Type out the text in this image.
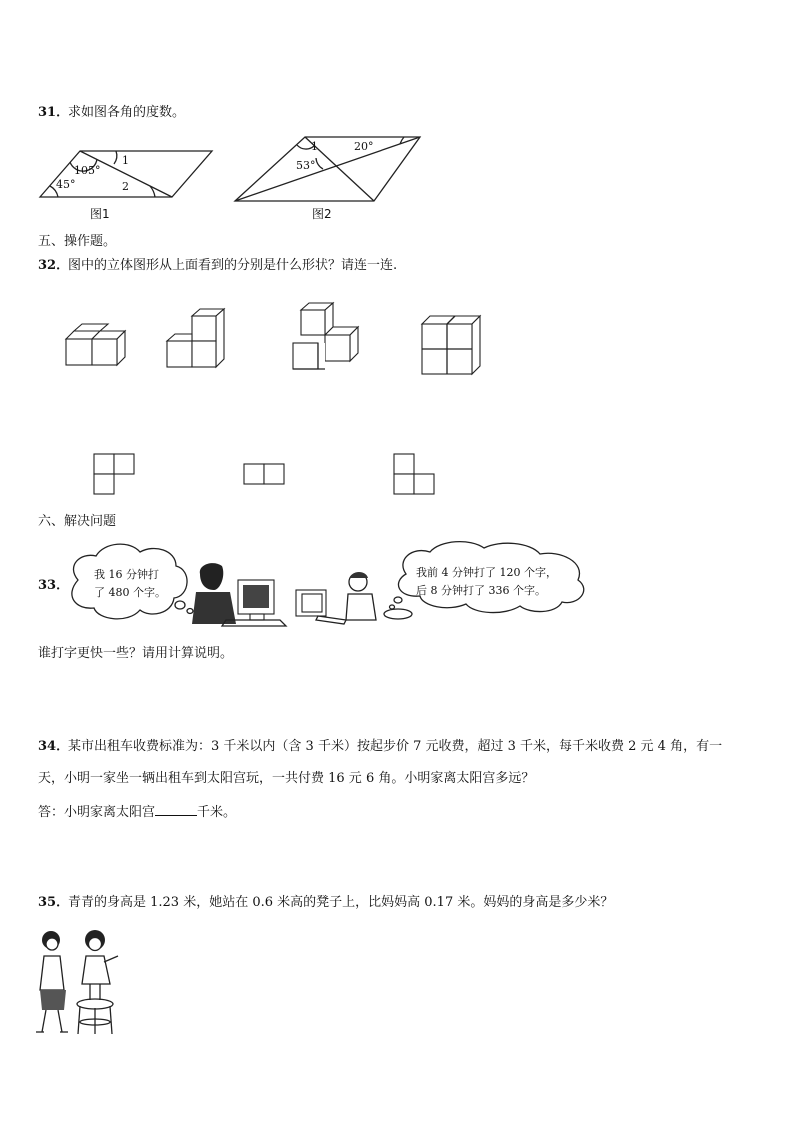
31．
求如图各角的度数。
105°
45°
1
2
图1
1	20°
53°
图2
五、操作题。
32．
图中的立体图形从上面看到的分别是什么形状？请连一连.
六、解决问题
33．
我 16 分钟打
了 480 个字。
我前 4 分钟打了 120 个字，
后 8 分钟打了 336 个字。
谁打字更快一些？请用计算说明。
34．
某市出租车收费标准为：3 千米以内（含 3 千米）按起步价 7 元收费，超过 3 千米，每千米收费 2 元 4 角，有一
天，小明一家坐一辆出租车到太阳宫玩，一共付费 16 元 6 角。小明家离太阳宫多远？
答：小明家离太阳宫	千米。
35．
青青的身高是 1.23 米，她站在 0.6 米高的凳子上，比妈妈高 0.17 米。妈妈的身高是多少米？
